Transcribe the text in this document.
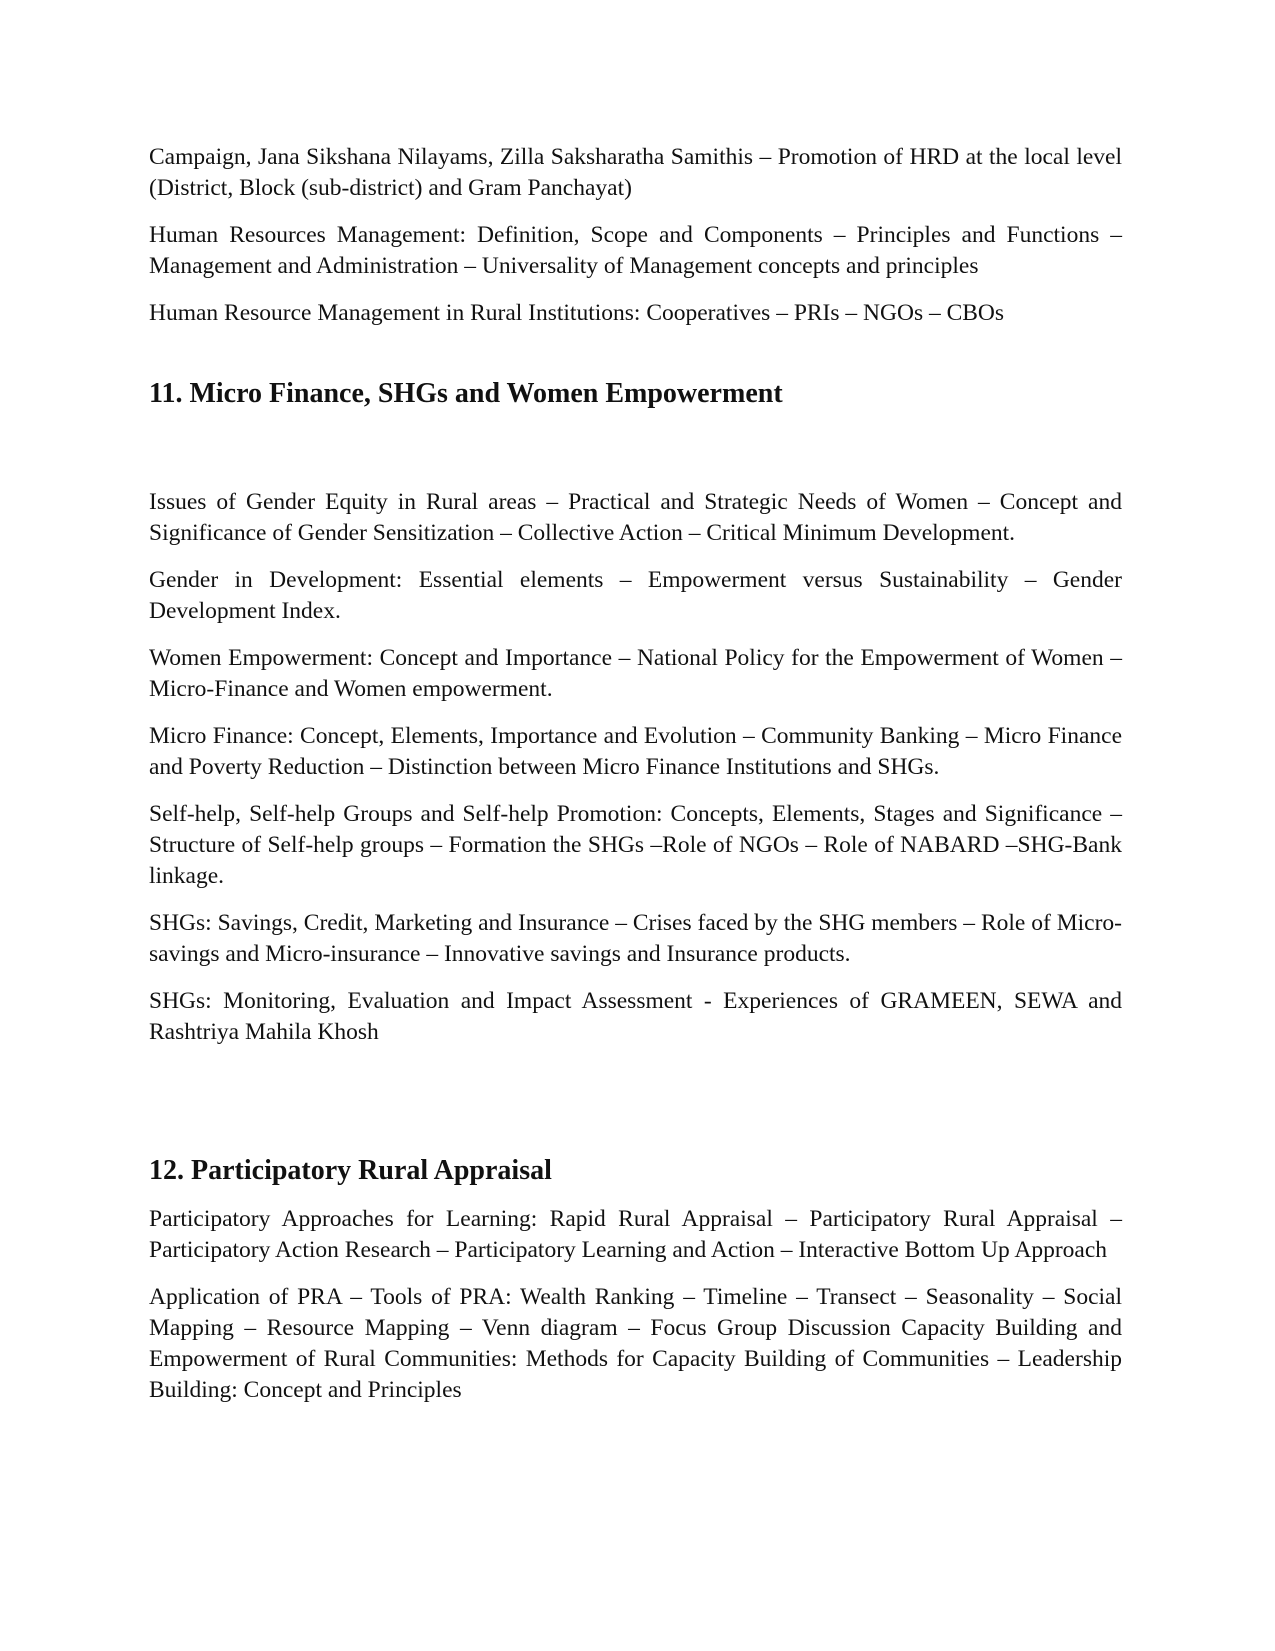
Campaign, Jana Sikshana Nilayams, Zilla Saksharatha Samithis – Promotion of HRD at the local level (District, Block (sub-district) and Gram Panchayat)

Human Resources Management: Definition, Scope and Components – Principles and Functions – Management and Administration – Universality of Management concepts and principles

Human Resource Management in Rural Institutions: Cooperatives – PRIs – NGOs – CBOs

11. Micro Finance, SHGs and Women Empowerment

Issues of Gender Equity in Rural areas – Practical and Strategic Needs of Women – Concept and Significance of Gender Sensitization – Collective Action – Critical Minimum Development.

Gender in Development: Essential elements – Empowerment versus Sustainability – Gender Development Index.

Women Empowerment: Concept and Importance – National Policy for the Empowerment of Women –Micro-Finance and Women empowerment.

Micro Finance: Concept, Elements, Importance and Evolution – Community Banking – Micro Finance and Poverty Reduction – Distinction between Micro Finance Institutions and SHGs.

Self-help, Self-help Groups and Self-help Promotion: Concepts, Elements, Stages and Significance – Structure of Self-help groups – Formation the SHGs –Role of NGOs – Role of NABARD –SHG-Bank linkage.

SHGs: Savings, Credit, Marketing and Insurance – Crises faced by the SHG members – Role of Micro-savings and Micro-insurance – Innovative savings and Insurance products.

SHGs: Monitoring, Evaluation and Impact Assessment - Experiences of GRAMEEN, SEWA and Rashtriya Mahila Khosh

12. Participatory Rural Appraisal

Participatory Approaches for Learning: Rapid Rural Appraisal – Participatory Rural Appraisal – Participatory Action Research – Participatory Learning and Action – Interactive Bottom Up Approach

Application of PRA – Tools of PRA: Wealth Ranking – Timeline – Transect – Seasonality – Social Mapping – Resource Mapping – Venn diagram – Focus Group Discussion Capacity Building and Empowerment of Rural Communities: Methods for Capacity Building of Communities – Leadership Building: Concept and Principles
